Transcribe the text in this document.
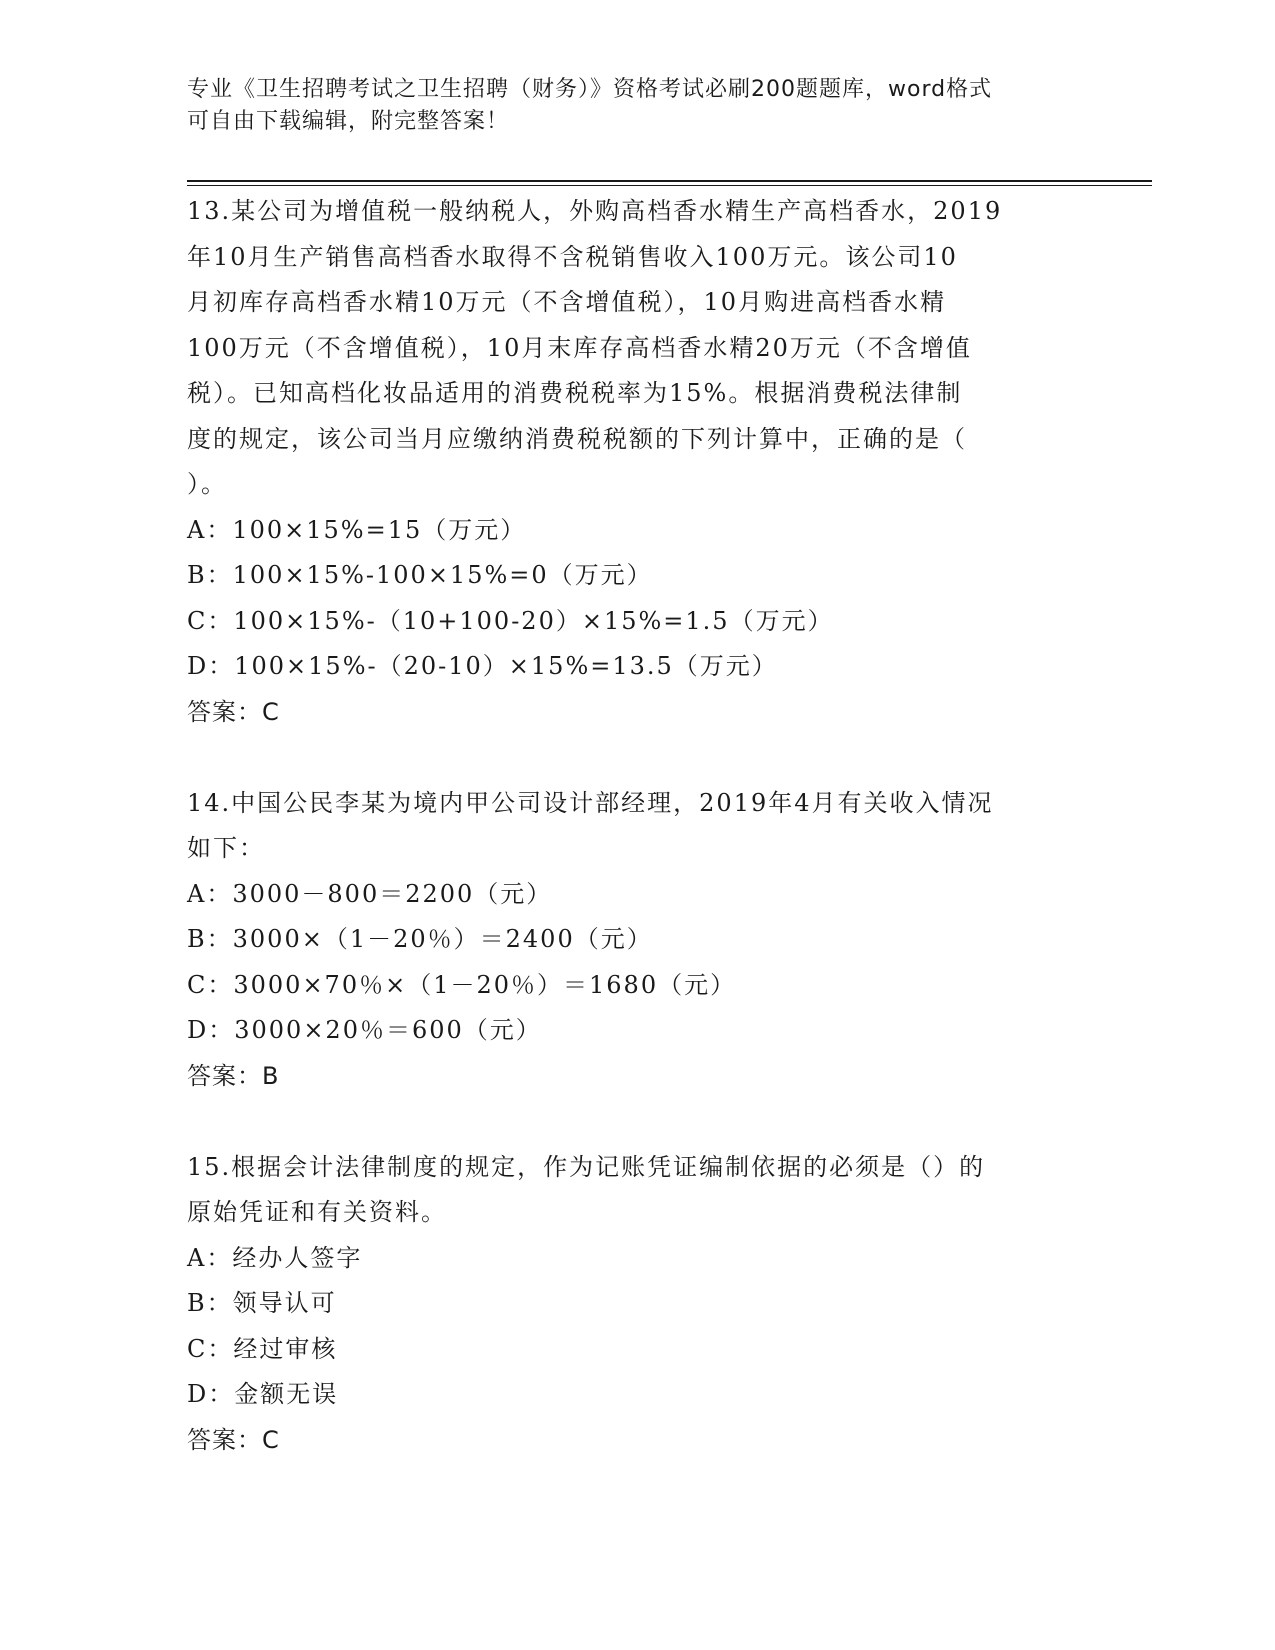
专业《卫生招聘考试之卫生招聘（财务）》资格考试必刷200题题库，word格式
可自由下载编辑，附完整答案！
13.某公司为增值税一般纳税人，外购高档香水精生产高档香水，2019
年10月生产销售高档香水取得不含税销售收入100万元。该公司10
月初库存高档香水精10万元（不含增值税），10月购进高档香水精
100万元（不含增值税），10月末库存高档香水精20万元（不含增值
税）。已知高档化妆品适用的消费税税率为15%。根据消费税法律制
度的规定，该公司当月应缴纳消费税税额的下列计算中，正确的是（
）。
A：100×15%=15（万元）
B：100×15%-100×15%=0（万元）
C：100×15%-（10+100-20）×15%=1.5（万元）
D：100×15%-（20-10）×15%=13.5（万元）
答案：C
14.中国公民李某为境内甲公司设计部经理，2019年4月有关收入情况
如下：
A：3000－800＝2200（元）
B：3000×（1－20％）＝2400（元）
C：3000×70％×（1－20％）＝1680（元）
D：3000×20％＝600（元）
答案：B
15.根据会计法律制度的规定，作为记账凭证编制依据的必须是（）的
原始凭证和有关资料。
A：经办人签字
B：领导认可
C：经过审核
D：金额无误
答案：C
